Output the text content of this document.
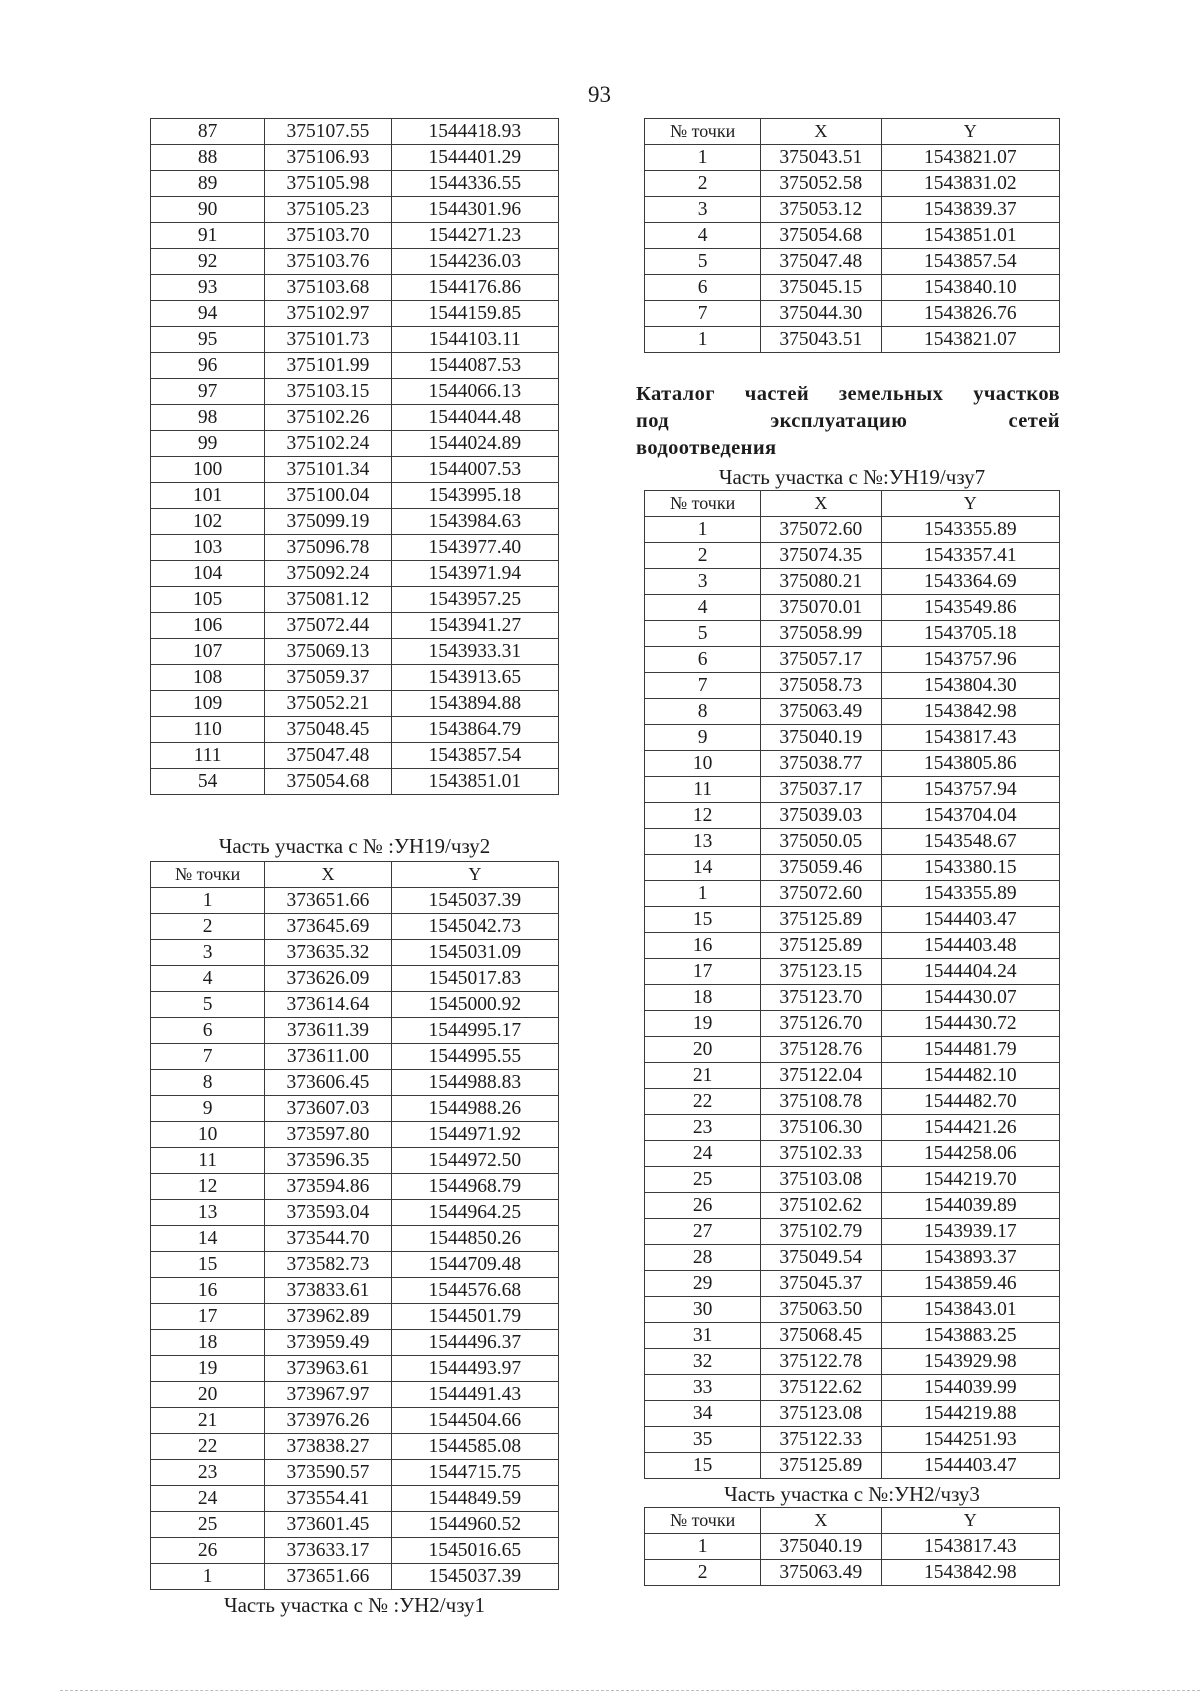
93
87	375107.55	1544418.93
88	375106.93	1544401.29
89	375105.98	1544336.55
90	375105.23	1544301.96
91	375103.70	1544271.23
92	375103.76	1544236.03
93	375103.68	1544176.86
94	375102.97	1544159.85
95	375101.73	1544103.11
96	375101.99	1544087.53
97	375103.15	1544066.13
98	375102.26	1544044.48
99	375102.24	1544024.89
100	375101.34	1544007.53
101	375100.04	1543995.18
102	375099.19	1543984.63
103	375096.78	1543977.40
104	375092.24	1543971.94
105	375081.12	1543957.25
106	375072.44	1543941.27
107	375069.13	1543933.31
108	375059.37	1543913.65
109	375052.21	1543894.88
110	375048.45	1543864.79
111	375047.48	1543857.54
54	375054.68	1543851.01
Часть участка с № :УН19/чзу2
№ точки	X	Y
1	373651.66	1545037.39
2	373645.69	1545042.73
3	373635.32	1545031.09
4	373626.09	1545017.83
5	373614.64	1545000.92
6	373611.39	1544995.17
7	373611.00	1544995.55
8	373606.45	1544988.83
9	373607.03	1544988.26
10	373597.80	1544971.92
11	373596.35	1544972.50
12	373594.86	1544968.79
13	373593.04	1544964.25
14	373544.70	1544850.26
15	373582.73	1544709.48
16	373833.61	1544576.68
17	373962.89	1544501.79
18	373959.49	1544496.37
19	373963.61	1544493.97
20	373967.97	1544491.43
21	373976.26	1544504.66
22	373838.27	1544585.08
23	373590.57	1544715.75
24	373554.41	1544849.59
25	373601.45	1544960.52
26	373633.17	1545016.65
1	373651.66	1545037.39
Часть участка с № :УН2/чзу1
№ точки	X	Y
1	375043.51	1543821.07
2	375052.58	1543831.02
3	375053.12	1543839.37
4	375054.68	1543851.01
5	375047.48	1543857.54
6	375045.15	1543840.10
7	375044.30	1543826.76
1	375043.51	1543821.07
Каталог частей земельных участков
под	эксплуатацию	сетей
водоотведения
Часть участка с №:УН19/чзу7
№ точки	X	Y
1	375072.60	1543355.89
2	375074.35	1543357.41
3	375080.21	1543364.69
4	375070.01	1543549.86
5	375058.99	1543705.18
6	375057.17	1543757.96
7	375058.73	1543804.30
8	375063.49	1543842.98
9	375040.19	1543817.43
10	375038.77	1543805.86
11	375037.17	1543757.94
12	375039.03	1543704.04
13	375050.05	1543548.67
14	375059.46	1543380.15
1	375072.60	1543355.89
15	375125.89	1544403.47
16	375125.89	1544403.48
17	375123.15	1544404.24
18	375123.70	1544430.07
19	375126.70	1544430.72
20	375128.76	1544481.79
21	375122.04	1544482.10
22	375108.78	1544482.70
23	375106.30	1544421.26
24	375102.33	1544258.06
25	375103.08	1544219.70
26	375102.62	1544039.89
27	375102.79	1543939.17
28	375049.54	1543893.37
29	375045.37	1543859.46
30	375063.50	1543843.01
31	375068.45	1543883.25
32	375122.78	1543929.98
33	375122.62	1544039.99
34	375123.08	1544219.88
35	375122.33	1544251.93
15	375125.89	1544403.47
Часть участка с №:УН2/чзу3
№ точки	X	Y
1	375040.19	1543817.43
2	375063.49	1543842.98
